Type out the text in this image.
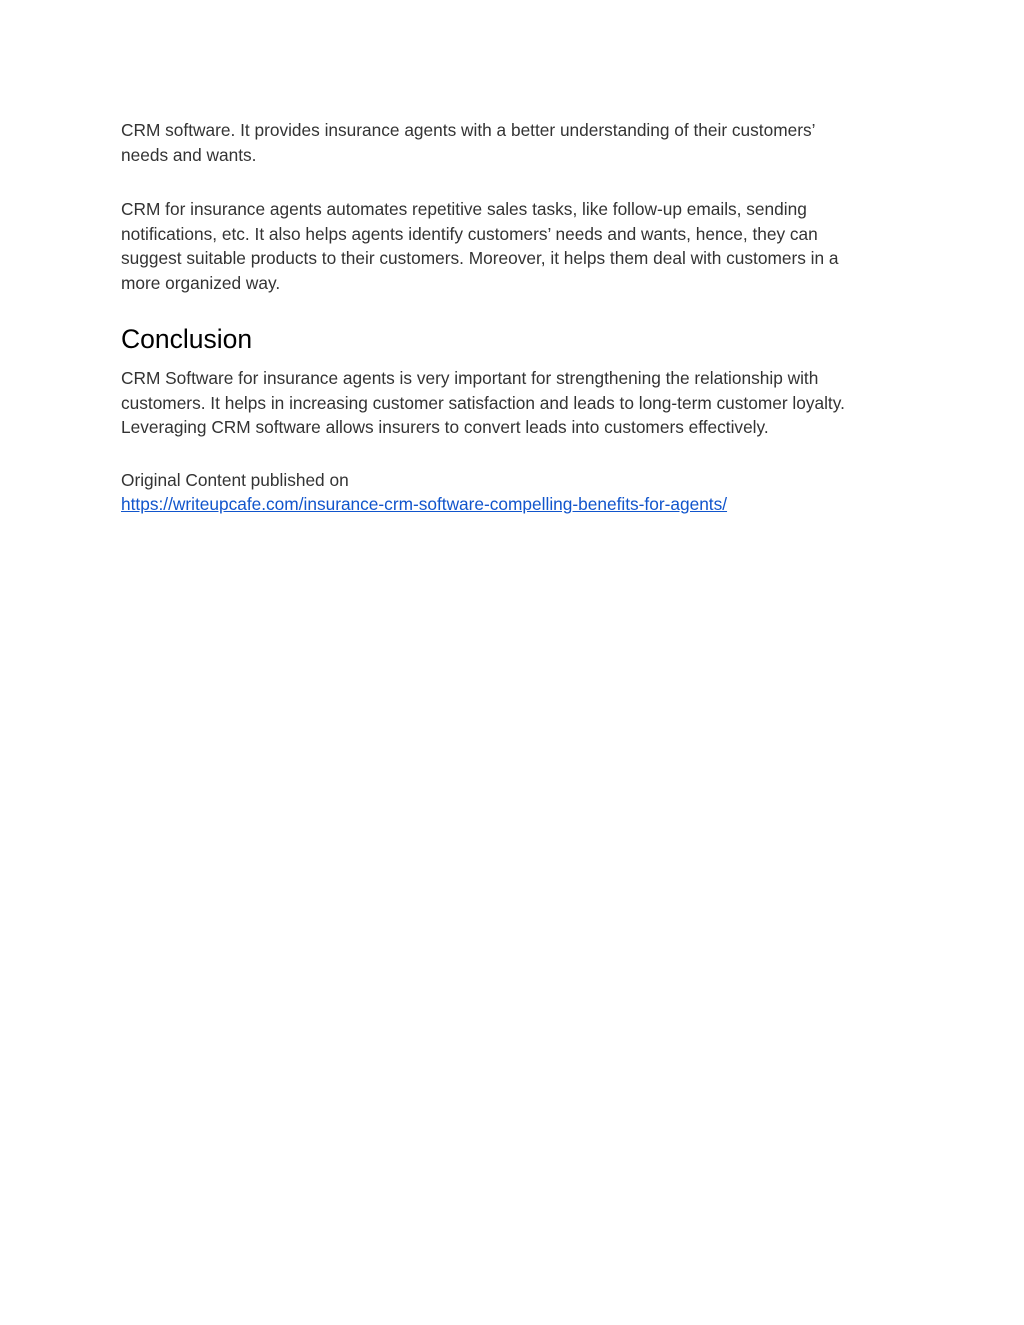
CRM software. It provides insurance agents with a better understanding of their customers’
needs and wants.

CRM for insurance agents automates repetitive sales tasks, like follow-up emails, sending
notifications, etc. It also helps agents identify customers’ needs and wants, hence, they can
suggest suitable products to their customers. Moreover, it helps them deal with customers in a
more organized way.

Conclusion

CRM Software for insurance agents is very important for strengthening the relationship with
customers. It helps in increasing customer satisfaction and leads to long-term customer loyalty.
Leveraging CRM software allows insurers to convert leads into customers effectively.

Original Content published on
https://writeupcafe.com/insurance-crm-software-compelling-benefits-for-agents/
